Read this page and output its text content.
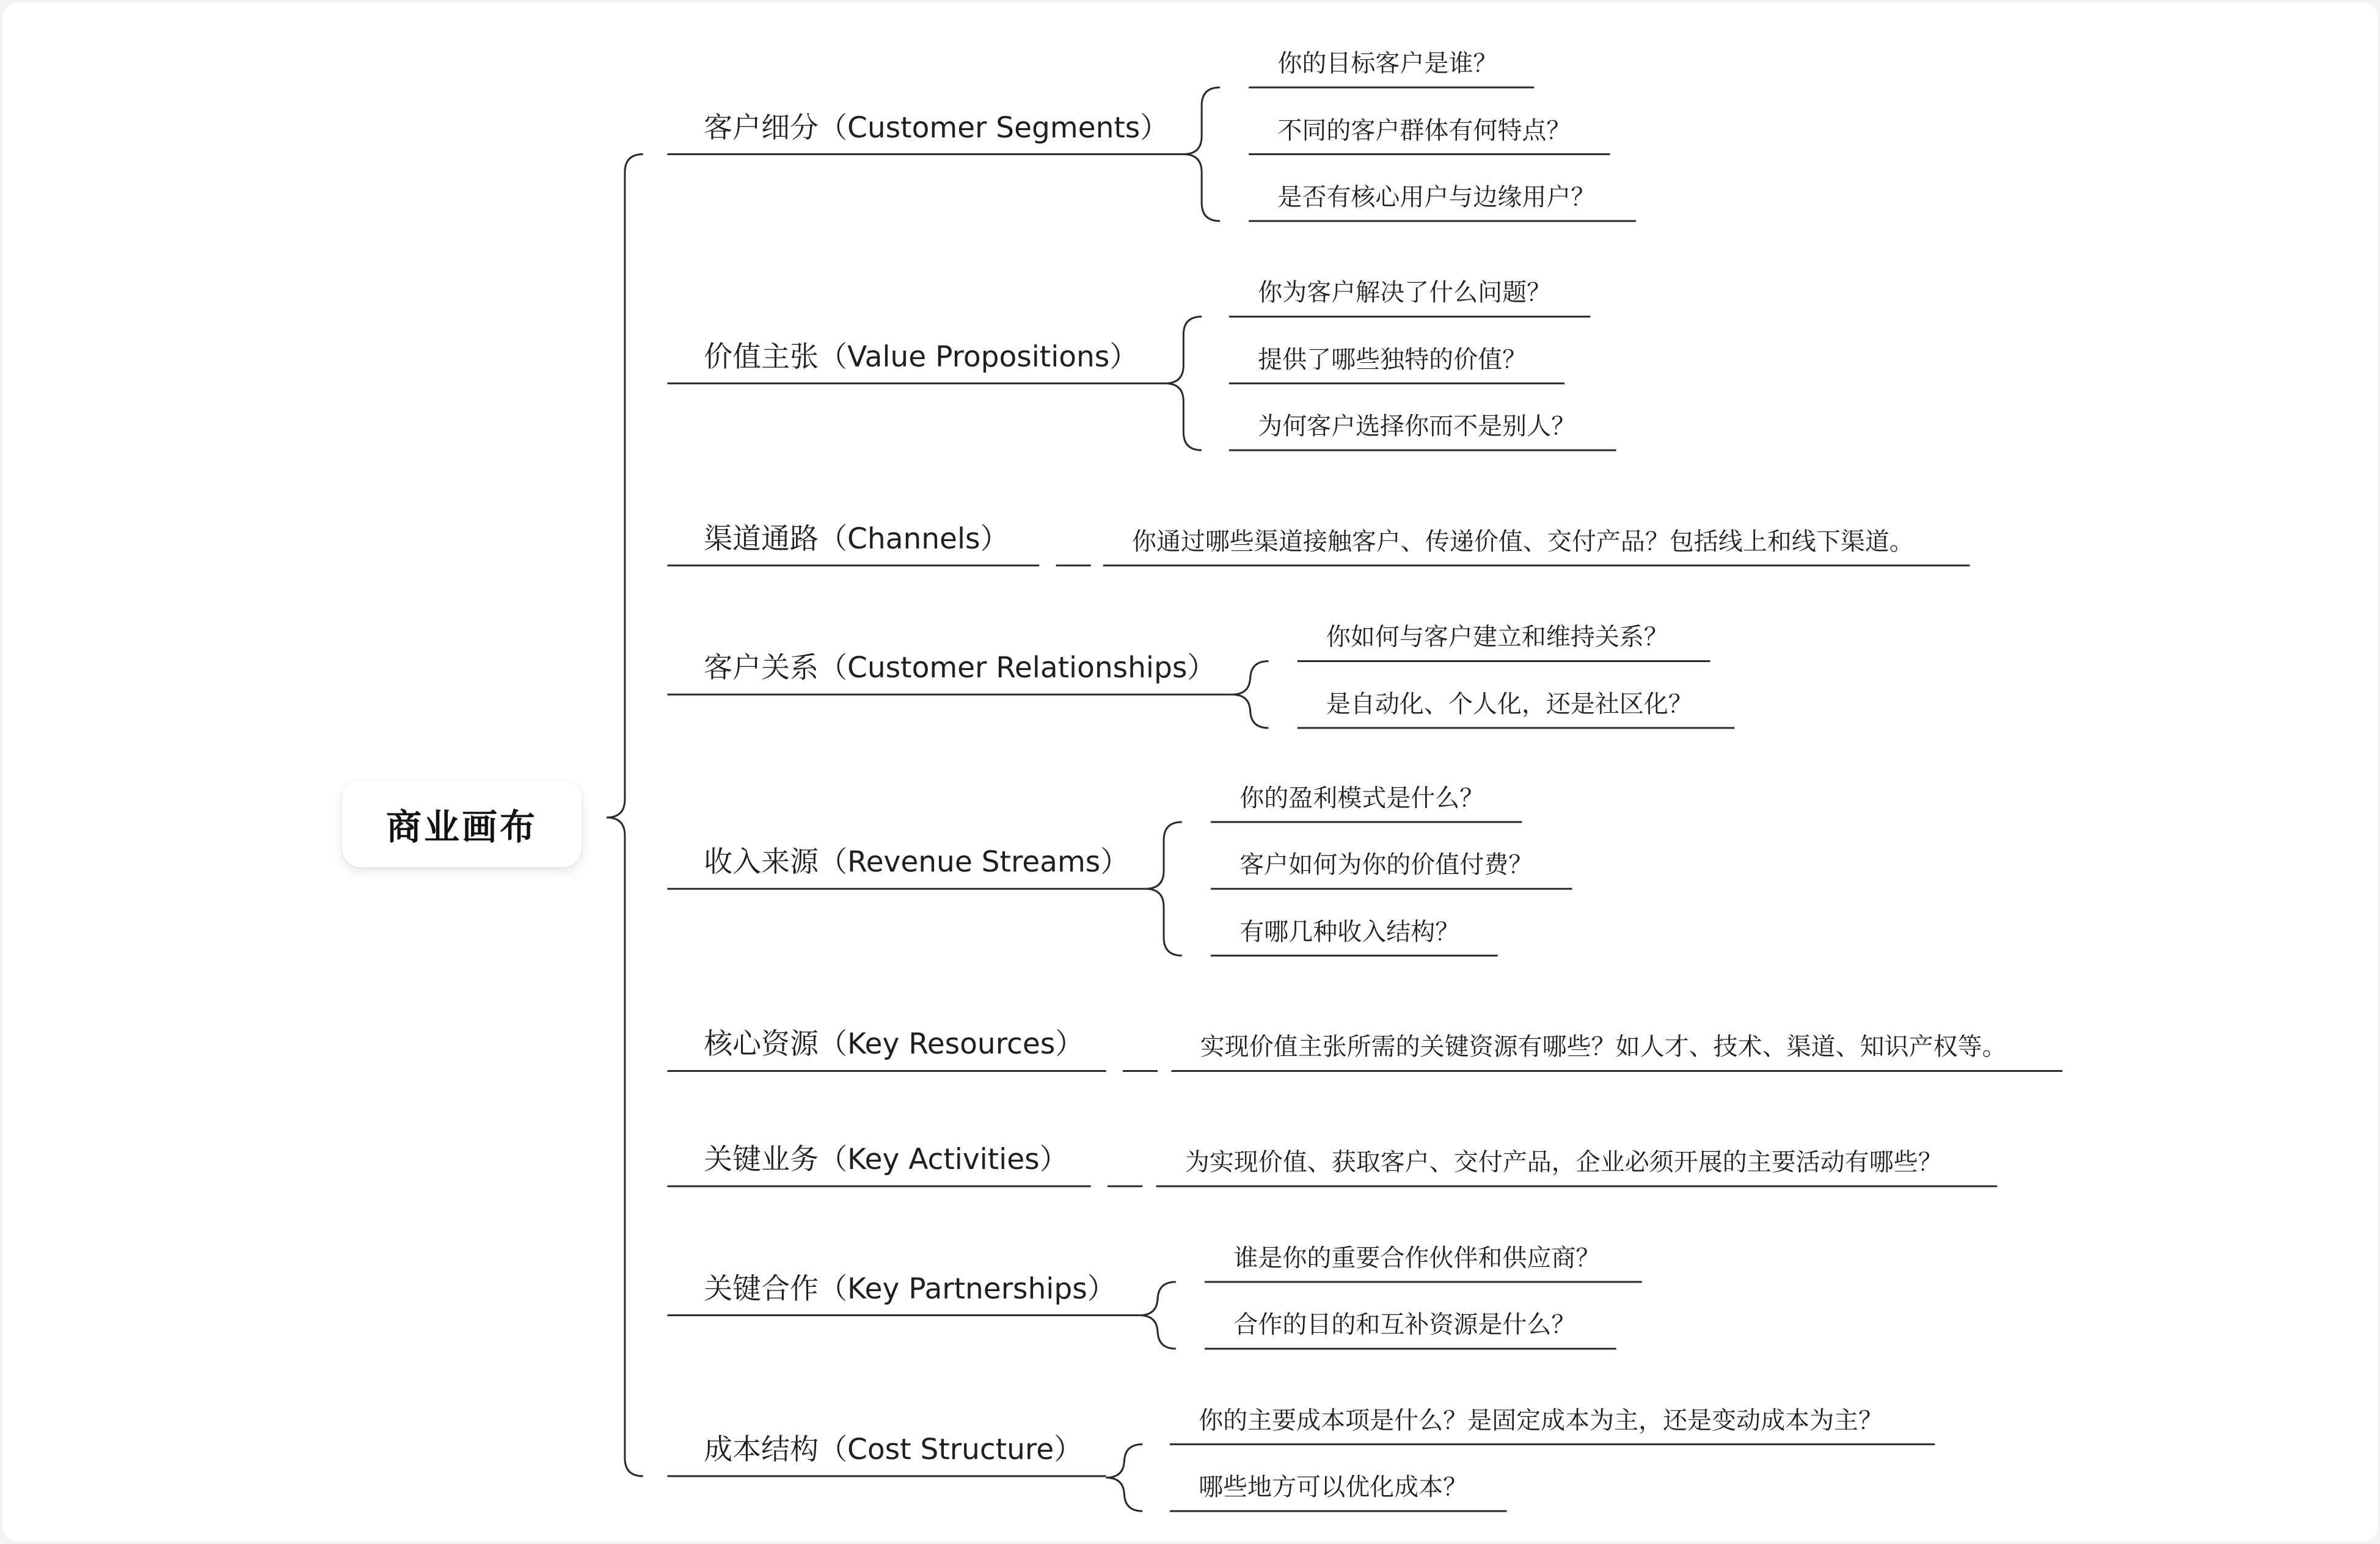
商业画布
客户细分（Customer Segments）
你的目标客户是谁？
不同的客户群体有何特点？
是否有核心用户与边缘用户？
价值主张（Value Propositions）
你为客户解决了什么问题？
提供了哪些独特的价值？
为何客户选择你而不是别人？
渠道通路（Channels）	你通过哪些渠道接触客户、传递价值、交付产品？包括线上和线下渠道。
客户关系（Customer Relationships）
你如何与客户建立和维持关系？
是自动化、个人化，还是社区化？
收入来源（Revenue Streams）
你的盈利模式是什么？
客户如何为你的价值付费？
有哪几种收入结构？
核心资源（Key Resources）	实现价值主张所需的关键资源有哪些？如人才、技术、渠道、知识产权等。
关键业务（Key Activities）	为实现价值、获取客户、交付产品，企业必须开展的主要活动有哪些？
关键合作（Key Partnerships）
谁是你的重要合作伙伴和供应商？
合作的目的和互补资源是什么？
成本结构（Cost Structure）
你的主要成本项是什么？是固定成本为主，还是变动成本为主？
哪些地方可以优化成本？
